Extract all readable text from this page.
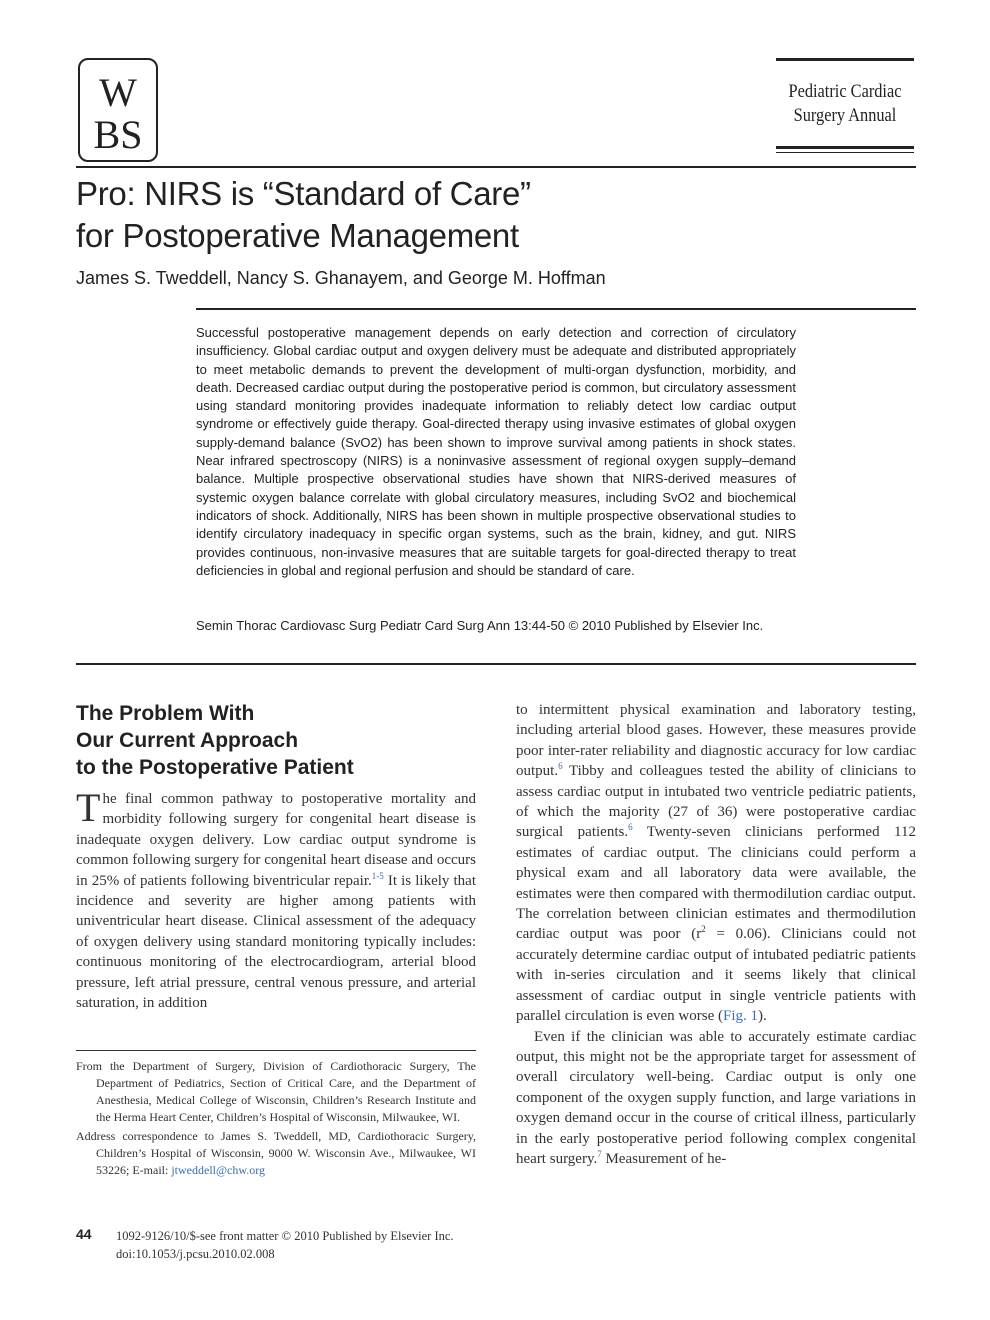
W
BS
Pediatric Cardiac
Surgery Annual
Pro: NIRS is “Standard of Care”
for Postoperative Management
James S. Tweddell, Nancy S. Ghanayem, and George M. Hoffman

Successful postoperative management depends on early detection and correction of circulatory insufficiency. Global cardiac output and oxygen delivery must be adequate and distributed appropriately to meet metabolic demands to prevent the development of multi-organ dysfunction, morbidity, and death. Decreased cardiac output during the postoperative period is common, but circulatory assessment using standard monitoring provides inadequate information to reliably detect low cardiac output syndrome or effectively guide therapy. Goal-directed therapy using invasive estimates of global oxygen supply-demand balance (SvO2) has been shown to improve survival among patients in shock states. Near infrared spectroscopy (NIRS) is a noninvasive assessment of regional oxygen supply–demand balance. Multiple prospective observational studies have shown that NIRS-derived measures of systemic oxygen balance correlate with global circulatory measures, including SvO2 and biochemical indicators of shock. Additionally, NIRS has been shown in multiple prospective observational studies to identify circulatory inadequacy in specific organ systems, such as the brain, kidney, and gut. NIRS provides continuous, non-invasive measures that are suitable targets for goal-directed therapy to treat deficiencies in global and regional perfusion and should be standard of care.

Semin Thorac Cardiovasc Surg Pediatr Card Surg Ann 13:44-50 © 2010 Published by Elsevier Inc.
The Problem With
Our Current Approach
to the Postoperative Patient

The final common pathway to postoperative mortality and morbidity following surgery for congenital heart disease is inadequate oxygen delivery. Low cardiac output syndrome is common following surgery for congenital heart disease and occurs in 25% of patients following biventricular repair.$^{1-5}$ It is likely that incidence and severity are higher among patients with univentricular heart disease. Clinical assessment of the adequacy of oxygen delivery using standard monitoring typically includes: continuous monitoring of the electrocardiogram, arterial blood pressure, left atrial pressure, central venous pressure, and arterial saturation, in addition

From the Department of Surgery, Division of Cardiothoracic Surgery, The Department of Pediatrics, Section of Critical Care, and the Department of Anesthesia, Medical College of Wisconsin, Children’s Research Institute and the Herma Heart Center, Children’s Hospital of Wisconsin, Milwaukee, WI.

Address correspondence to James S. Tweddell, MD, Cardiothoracic Surgery, Children’s Hospital of Wisconsin, 9000 W. Wisconsin Ave., Milwaukee, WI 53226; E-mail: jtweddell@chw.org

to intermittent physical examination and laboratory testing, including arterial blood gases. However, these measures provide poor inter-rater reliability and diagnostic accuracy for low cardiac output.$^6$ Tibby and colleagues tested the ability of clinicians to assess cardiac output in intubated two ventricle pediatric patients, of which the majority (27 of 36) were postoperative cardiac surgical patients.$^6$ Twenty-seven clinicians performed 112 estimates of cardiac output. The clinicians could perform a physical exam and all laboratory data were available, the estimates were then compared with thermodilution cardiac output. The correlation between clinician estimates and thermodilution cardiac output was poor $(r^2 = 0.06)$. Clinicians could not accurately determine cardiac output of intubated pediatric patients with in-series circulation and it seems likely that clinical assessment of cardiac output in single ventricle patients with parallel circulation is even worse (Fig. 1).

Even if the clinician was able to accurately estimate cardiac output, this might not be the appropriate target for assessment of overall circulatory well-being. Cardiac output is only one component of the oxygen supply function, and large variations in oxygen demand occur in the course of critical illness, particularly in the early postoperative period following complex congenital heart surgery.$^7$ Measurement of he-

44 1092-9126/10/$-see front matter © 2010 Published by Elsevier Inc.
doi:10.1053/j.pcsu.2010.02.008
